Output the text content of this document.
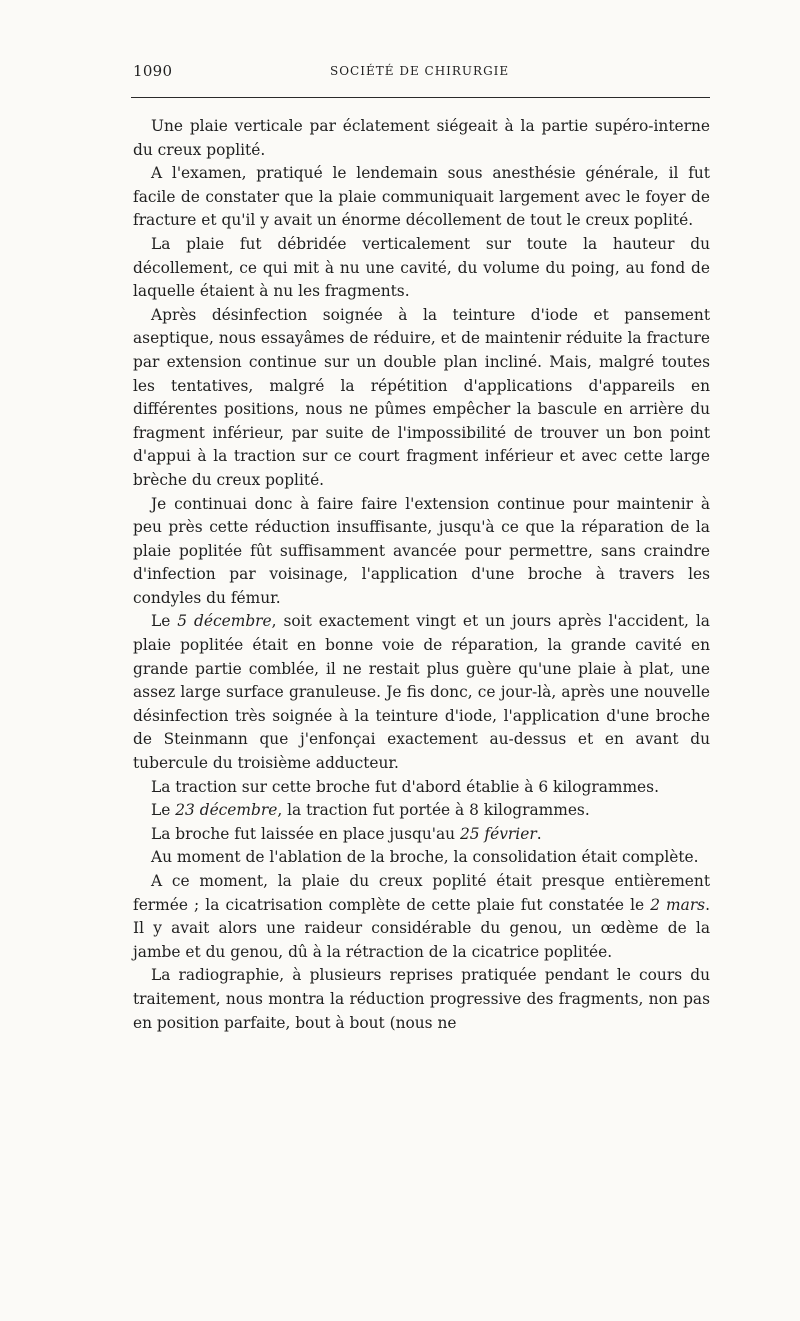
1090	SOCIÉTÉ DE CHIRURGIE

Une plaie verticale par éclatement siégeait à la partie supéro-interne du creux poplité.

A l'examen, pratiqué le lendemain sous anesthésie générale, il fut facile de constater que la plaie communiquait largement avec le foyer de fracture et qu'il y avait un énorme décollement de tout le creux poplité.

La plaie fut débridée verticalement sur toute la hauteur du décollement, ce qui mit à nu une cavité, du volume du poing, au fond de laquelle étaient à nu les fragments.

Après désinfection soignée à la teinture d'iode et pansement aseptique, nous essayâmes de réduire, et de maintenir réduite la fracture par extension continue sur un double plan incliné. Mais, malgré toutes les tentatives, malgré la répétition d'applications d'appareils en différentes positions, nous ne pûmes empêcher la bascule en arrière du fragment inférieur, par suite de l'impossibilité de trouver un bon point d'appui à la traction sur ce court fragment inférieur et avec cette large brèche du creux poplité.

Je continuai donc à faire faire l'extension continue pour maintenir à peu près cette réduction insuffisante, jusqu'à ce que la réparation de la plaie poplitée fût suffisamment avancée pour permettre, sans craindre d'infection par voisinage, l'application d'une broche à travers les condyles du fémur.

Le 5 décembre, soit exactement vingt et un jours après l'accident, la plaie poplitée était en bonne voie de réparation, la grande cavité en grande partie comblée, il ne restait plus guère qu'une plaie à plat, une assez large surface granuleuse. Je fis donc, ce jour-là, après une nouvelle désinfection très soignée à la teinture d'iode, l'application d'une broche de Steinmann que j'enfonçai exactement au-dessus et en avant du tubercule du troisième adducteur.

La traction sur cette broche fut d'abord établie à 6 kilogrammes.

Le 23 décembre, la traction fut portée à 8 kilogrammes.

La broche fut laissée en place jusqu'au 25 février.

Au moment de l'ablation de la broche, la consolidation était complète.

A ce moment, la plaie du creux poplité était presque entièrement fermée ; la cicatrisation complète de cette plaie fut constatée le 2 mars. Il y avait alors une raideur considérable du genou, un œdème de la jambe et du genou, dû à la rétraction de la cicatrice poplitée.

La radiographie, à plusieurs reprises pratiquée pendant le cours du traitement, nous montra la réduction progressive des fragments, non pas en position parfaite, bout à bout (nous ne
